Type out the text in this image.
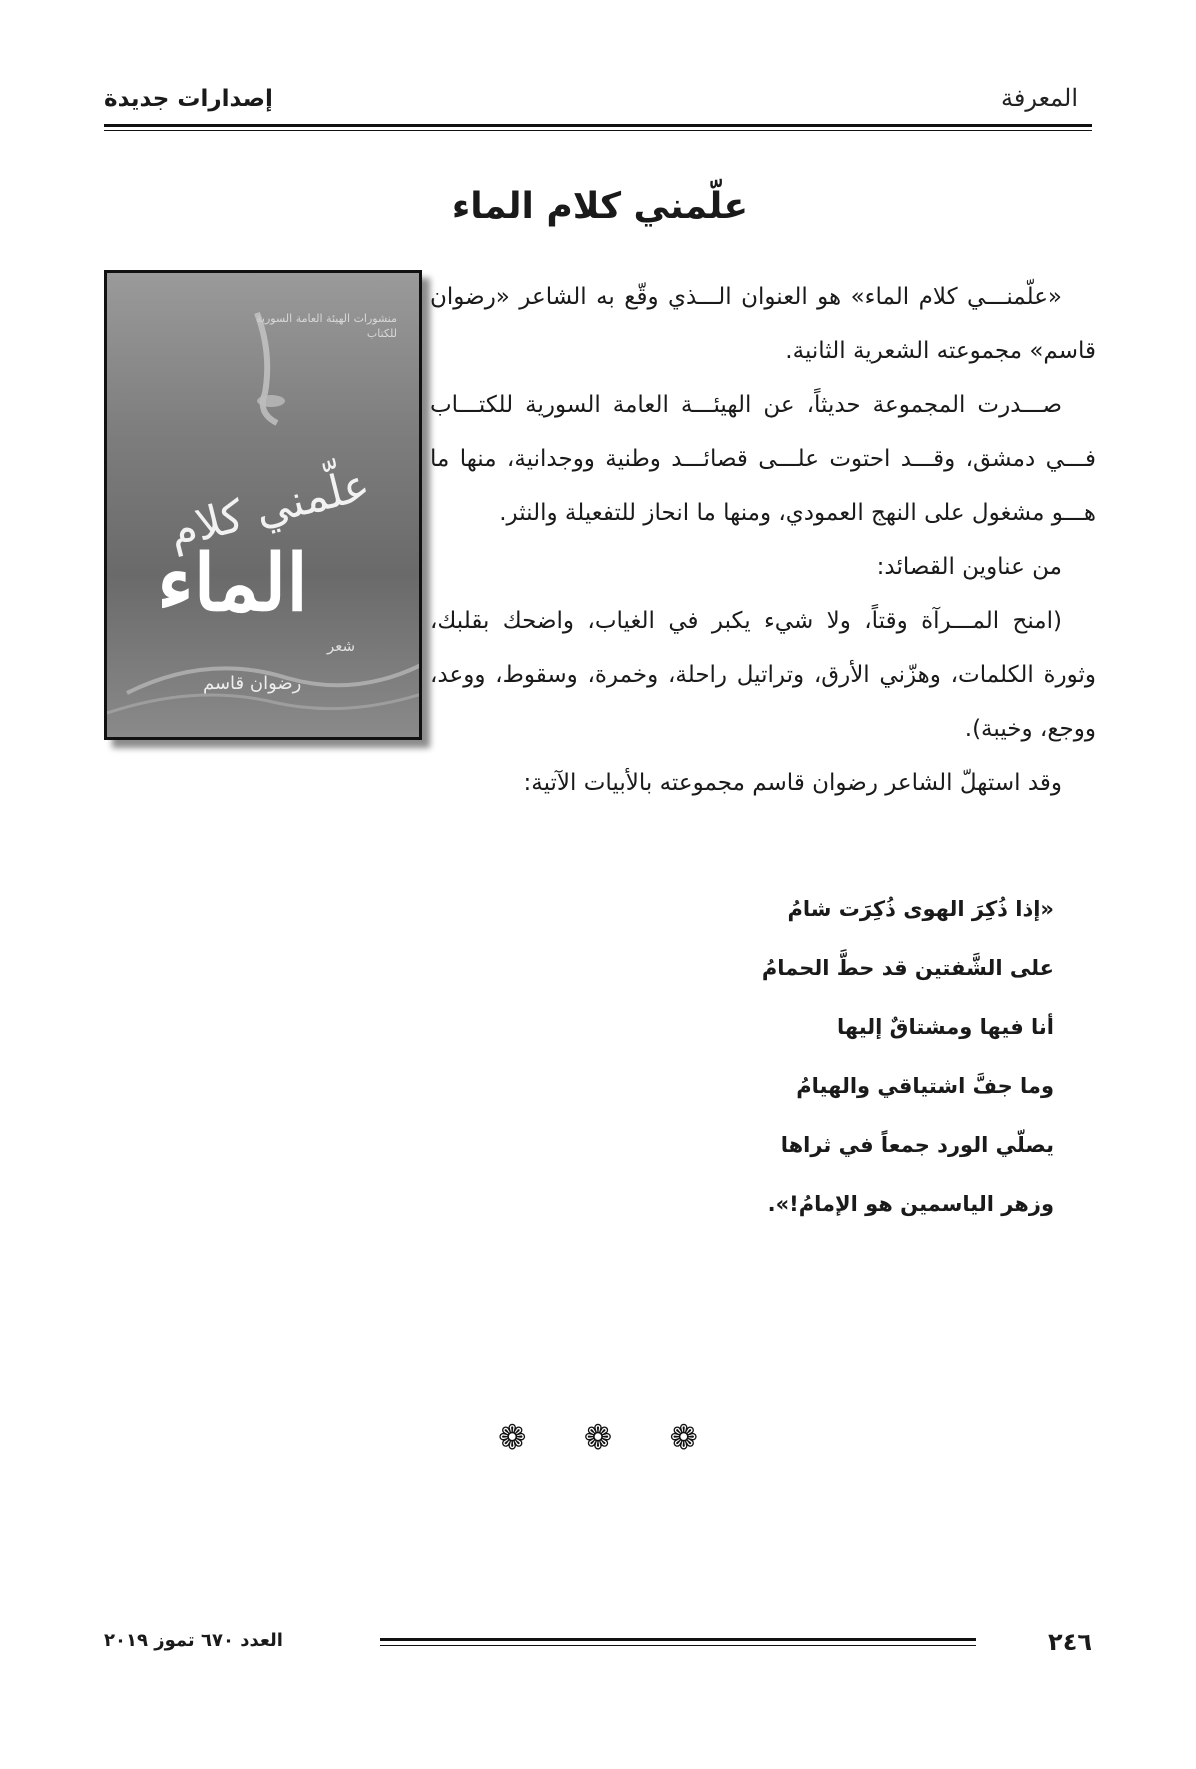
المعرفة
إصدارات جديدة
علّمني كلام الماء
منشورات الهيئة العامة السورية للكتاب
علّمني كلام
الماء
شعر
رضوان قاسم

«علّمنـــي كلام الماء» هو العنوان الـــذي وقّع به الشاعر «رضوان قاسم» مجموعته الشعرية الثانية.

صـــدرت المجموعة حديثاً، عن الهيئـــة العامة السورية للكتـــاب فـــي دمشق، وقـــد احتوت علـــى قصائـــد وطنية ووجدانية، منها ما هـــو مشغول على النهج العمودي، ومنها ما انحاز للتفعيلة والنثر.

من عناوين القصائد:

(امنح المـــرآة وقتاً، ولا شيء يكبر في الغياب، واضحك بقلبك، وثورة الكلمات، وهزّني الأرق، وتراتيل راحلة، وخمرة، وسقوط، ووعد، ووجع، وخيبة).

وقد استهلّ الشاعر رضوان قاسم مجموعته بالأبيات الآتية:

«إذا ذُكِرَ الهوى ذُكِرَت شامُ
على الشَّفتين قد حطَّ الحمامُ
أنا فيها ومشتاقٌ إليها
وما جفَّ اشتياقي والهيامُ
يصلّي الورد جمعاً في ثراها
وزهر الياسمين هو الإمامُ!».
❁ ❁ ❁
٢٤٦
العدد ٦٧٠ تموز ٢٠١٩
